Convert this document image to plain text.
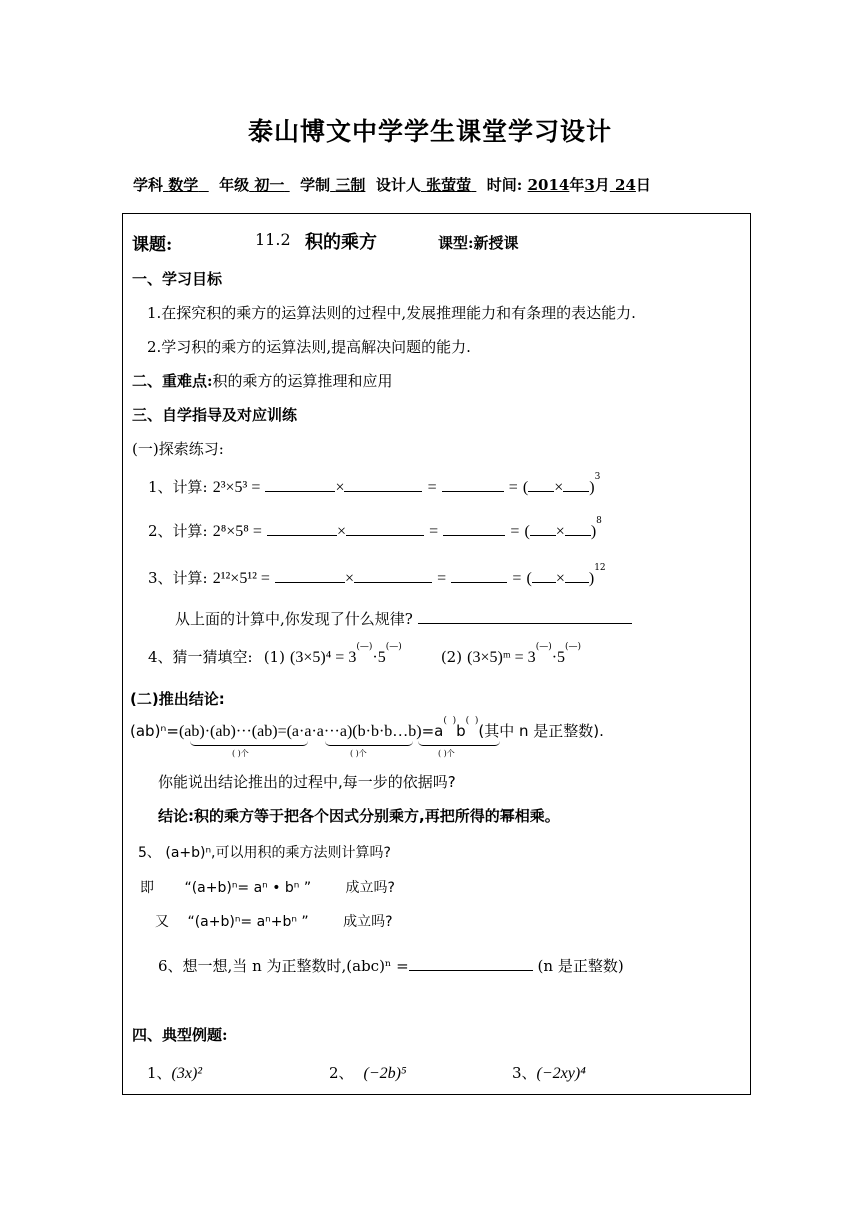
泰山博文中学学生课堂学习设计
学科 数学 年级 初一 学制 三制 设计人 张萤萤 时间: 2014年3月 24日
课题:	11.2 积的乘方	课型:新授课
一、学习目标
1.在探究积的乘方的运算法则的过程中,发展推理能力和有条理的表达能力.
2.学习积的乘方的运算法则,提高解决问题的能力.
二、重难点:积的乘方的运算推理和应用
三、自学指导及对应训练
(一)探索练习:
1、计算: 2³×5³ =	×	=	= ( × )$^3$
2、计算: 2⁸×5⁸ =	×	=	= ( × )$^8$
3、计算: 2¹²×5¹² =	×	=	= ( × )$^{12}$
从上面的计算中,你发现了什么规律?
4、猜一猜填空: (1) (3×5)⁴ = 3(—)·5(—) (2) (3×5)ᵐ = 3(—)·5(—)
(二)推出结论:
(ab)ⁿ=(ab)·(ab)···(ab)=(a·a·a···a)(b·b·b…b)=a(  )b(  )(其中 n 是正整数).
( )个	( )个	( )个
你能说出结论推出的过程中,每一步的依据吗?
结论:积的乘方等于把各个因式分别乘方,再把所得的幂相乘。
5、 (a+b)ⁿ,可以用积的乘方法则计算吗?
即 “(a+b)ⁿ= aⁿ • bⁿ ” 成立吗?
又 “(a+b)ⁿ= aⁿ+bⁿ ” 成立吗?
6、想一想,当 n 为正整数时,(abc)ⁿ =	(n 是正整数)
四、典型例题:
1、(3x)²	2、 (−2b)⁵	3、(−2xy)⁴
